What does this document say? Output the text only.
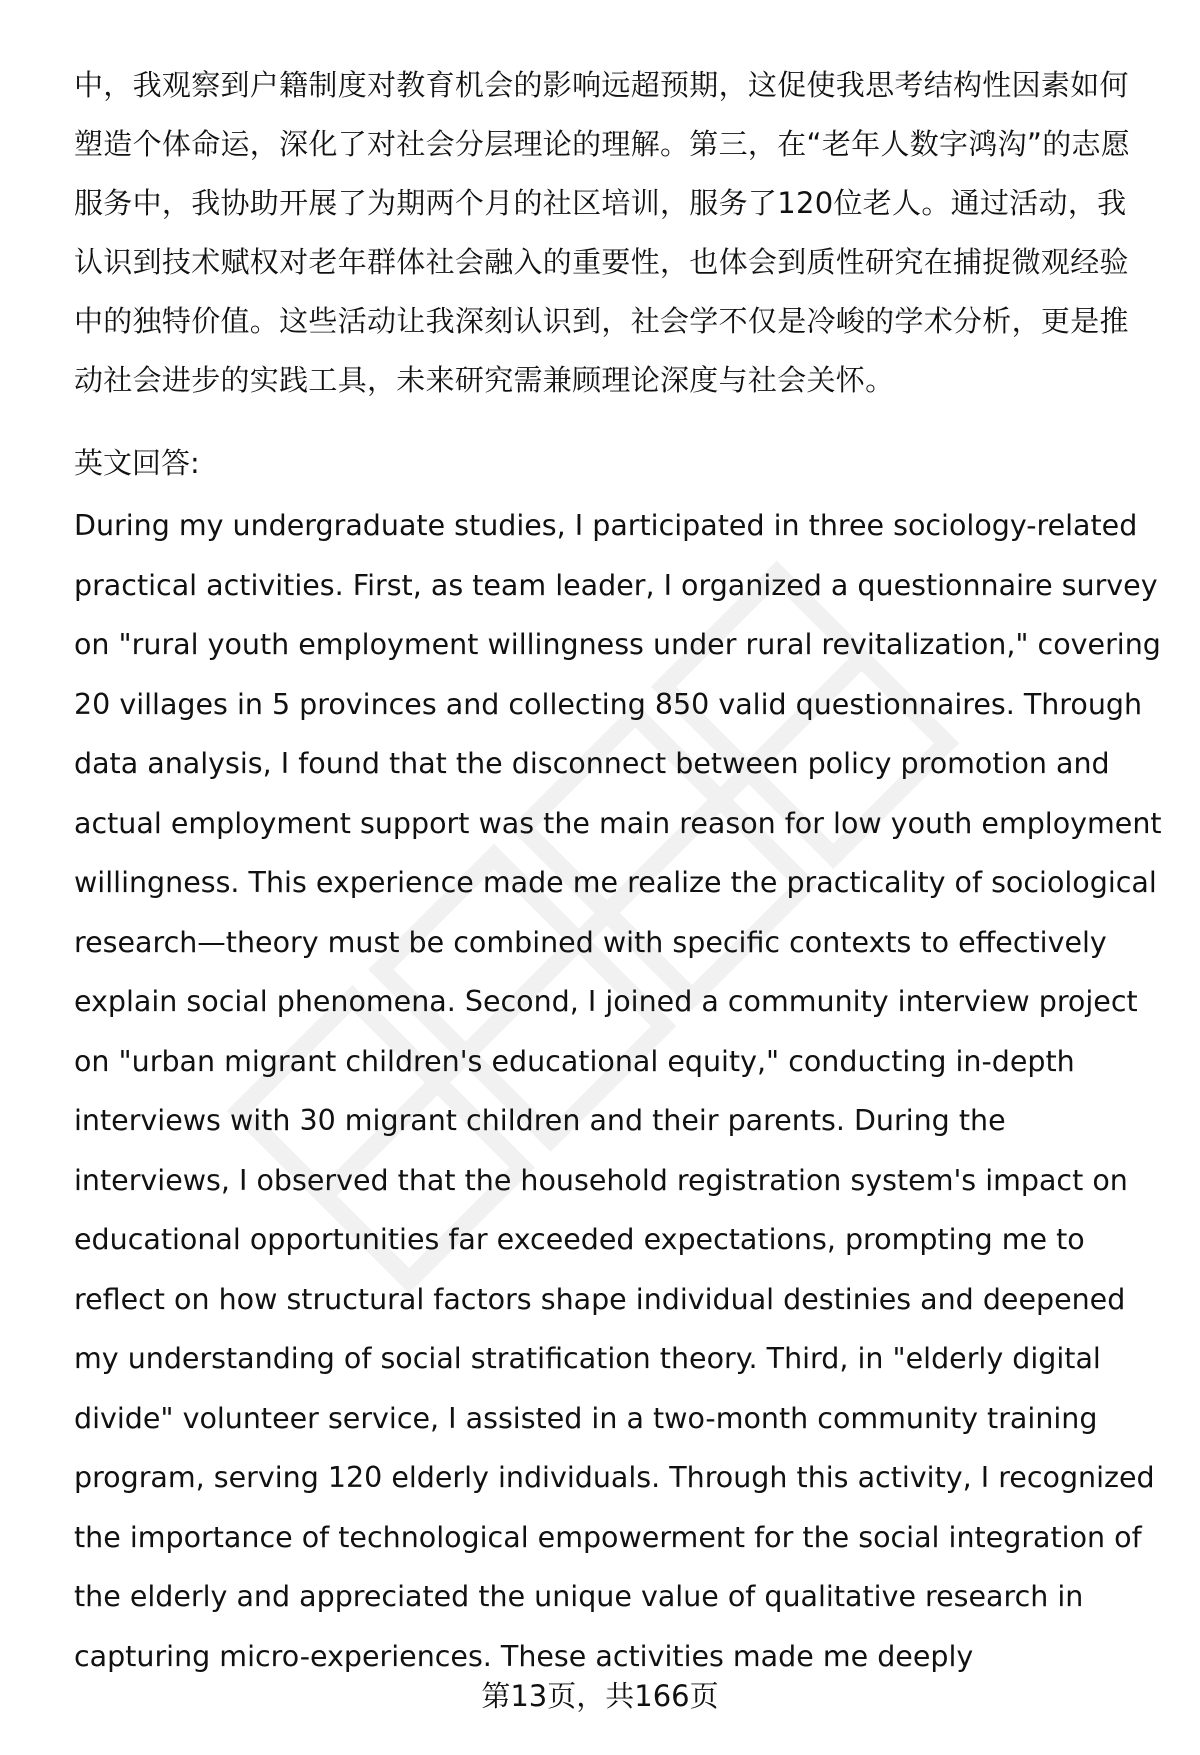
中，我观察到户籍制度对教育机会的影响远超预期，这促使我思考结构性因素如何塑造个体命运，深化了对社会分层理论的理解。第三，在“老年人数字鸿沟”的志愿服务中，我协助开展了为期两个月的社区培训，服务了120位老人。通过活动，我认识到技术赋权对老年群体社会融入的重要性，也体会到质性研究在捕捉微观经验中的独特价值。这些活动让我深刻认识到，社会学不仅是冷峻的学术分析，更是推动社会进步的实践工具，未来研究需兼顾理论深度与社会关怀。

英文回答:

During my undergraduate studies, I participated in three sociology-related practical activities. First, as team leader, I organized a questionnaire survey on "rural youth employment willingness under rural revitalization," covering 20 villages in 5 provinces and collecting 850 valid questionnaires. Through data analysis, I found that the disconnect between policy promotion and actual employment support was the main reason for low youth employment willingness. This experience made me realize the practicality of sociological research—theory must be combined with specific contexts to effectively explain social phenomena. Second, I joined a community interview project on "urban migrant children's educational equity," conducting in-depth interviews with 30 migrant children and their parents. During the interviews, I observed that the household registration system's impact on educational opportunities far exceeded expectations, prompting me to reflect on how structural factors shape individual destinies and deepened my understanding of social stratification theory. Third, in "elderly digital divide" volunteer service, I assisted in a two-month community training program, serving 120 elderly individuals. Through this activity, I recognized the importance of technological empowerment for the social integration of the elderly and appreciated the unique value of qualitative research in capturing micro-experiences. These activities made me deeply

第13页，共166页
